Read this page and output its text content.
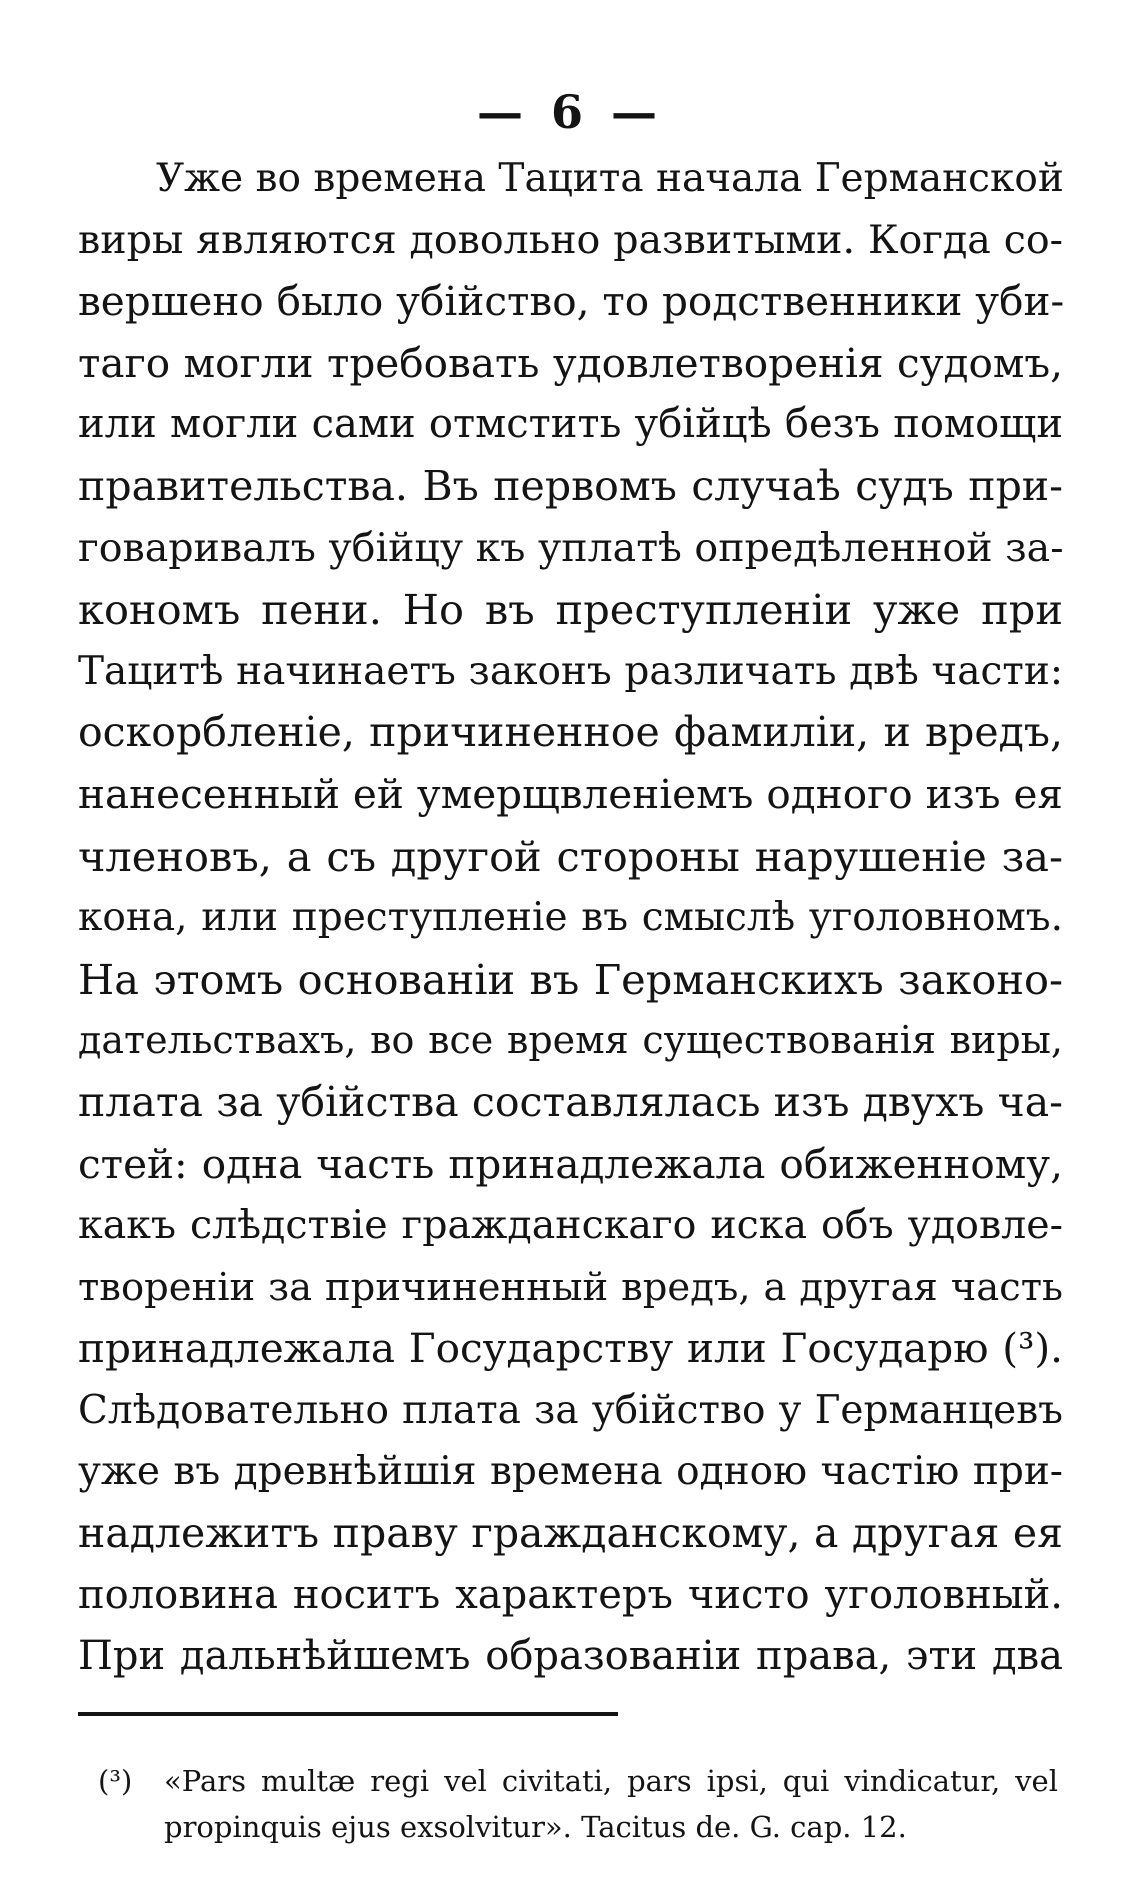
— 6 —
Уже во времена Тацита начала Германской
виры являются довольно развитыми. Когда со-
вершено было убійство, то родственники уби-
таго могли требовать удовлетворенія судомъ,
или могли сами отмстить убійцѣ безъ помощи
правительства. Въ первомъ случаѣ судъ при-
говаривалъ убійцу къ уплатѣ опредѣленной за-
кономъ пени. Но въ преступленіи уже при
Тацитѣ начинаетъ законъ различать двѣ части:
оскорбленіе, причиненное фамиліи, и вредъ,
нанесенный ей умерщвленіемъ одного изъ ея
членовъ, а съ другой стороны нарушеніе за-
кона, или преступленіе въ смыслѣ уголовномъ.
На этомъ основаніи въ Германскихъ законо-
дательствахъ, во все время существованія виры,
плата за убійства составлялась изъ двухъ ча-
стей: одна часть принадлежала обиженному,
какъ слѣдствіе гражданскаго иска объ удовле-
твореніи за причиненный вредъ, а другая часть
принадлежала Государству или Государю (³).
Слѣдовательно плата за убійство у Германцевъ
уже въ древнѣйшія времена одною частію при-
надлежитъ праву гражданскому, а другая ея
половина носитъ характеръ чисто уголовный.
При дальнѣйшемъ образованіи права, эти два
(³) «Pars multæ regi vel civitati, pars ipsi, qui vindicatur, vel
propinquis ejus exsolvitur». Tacitus de. G. cap. 12.
